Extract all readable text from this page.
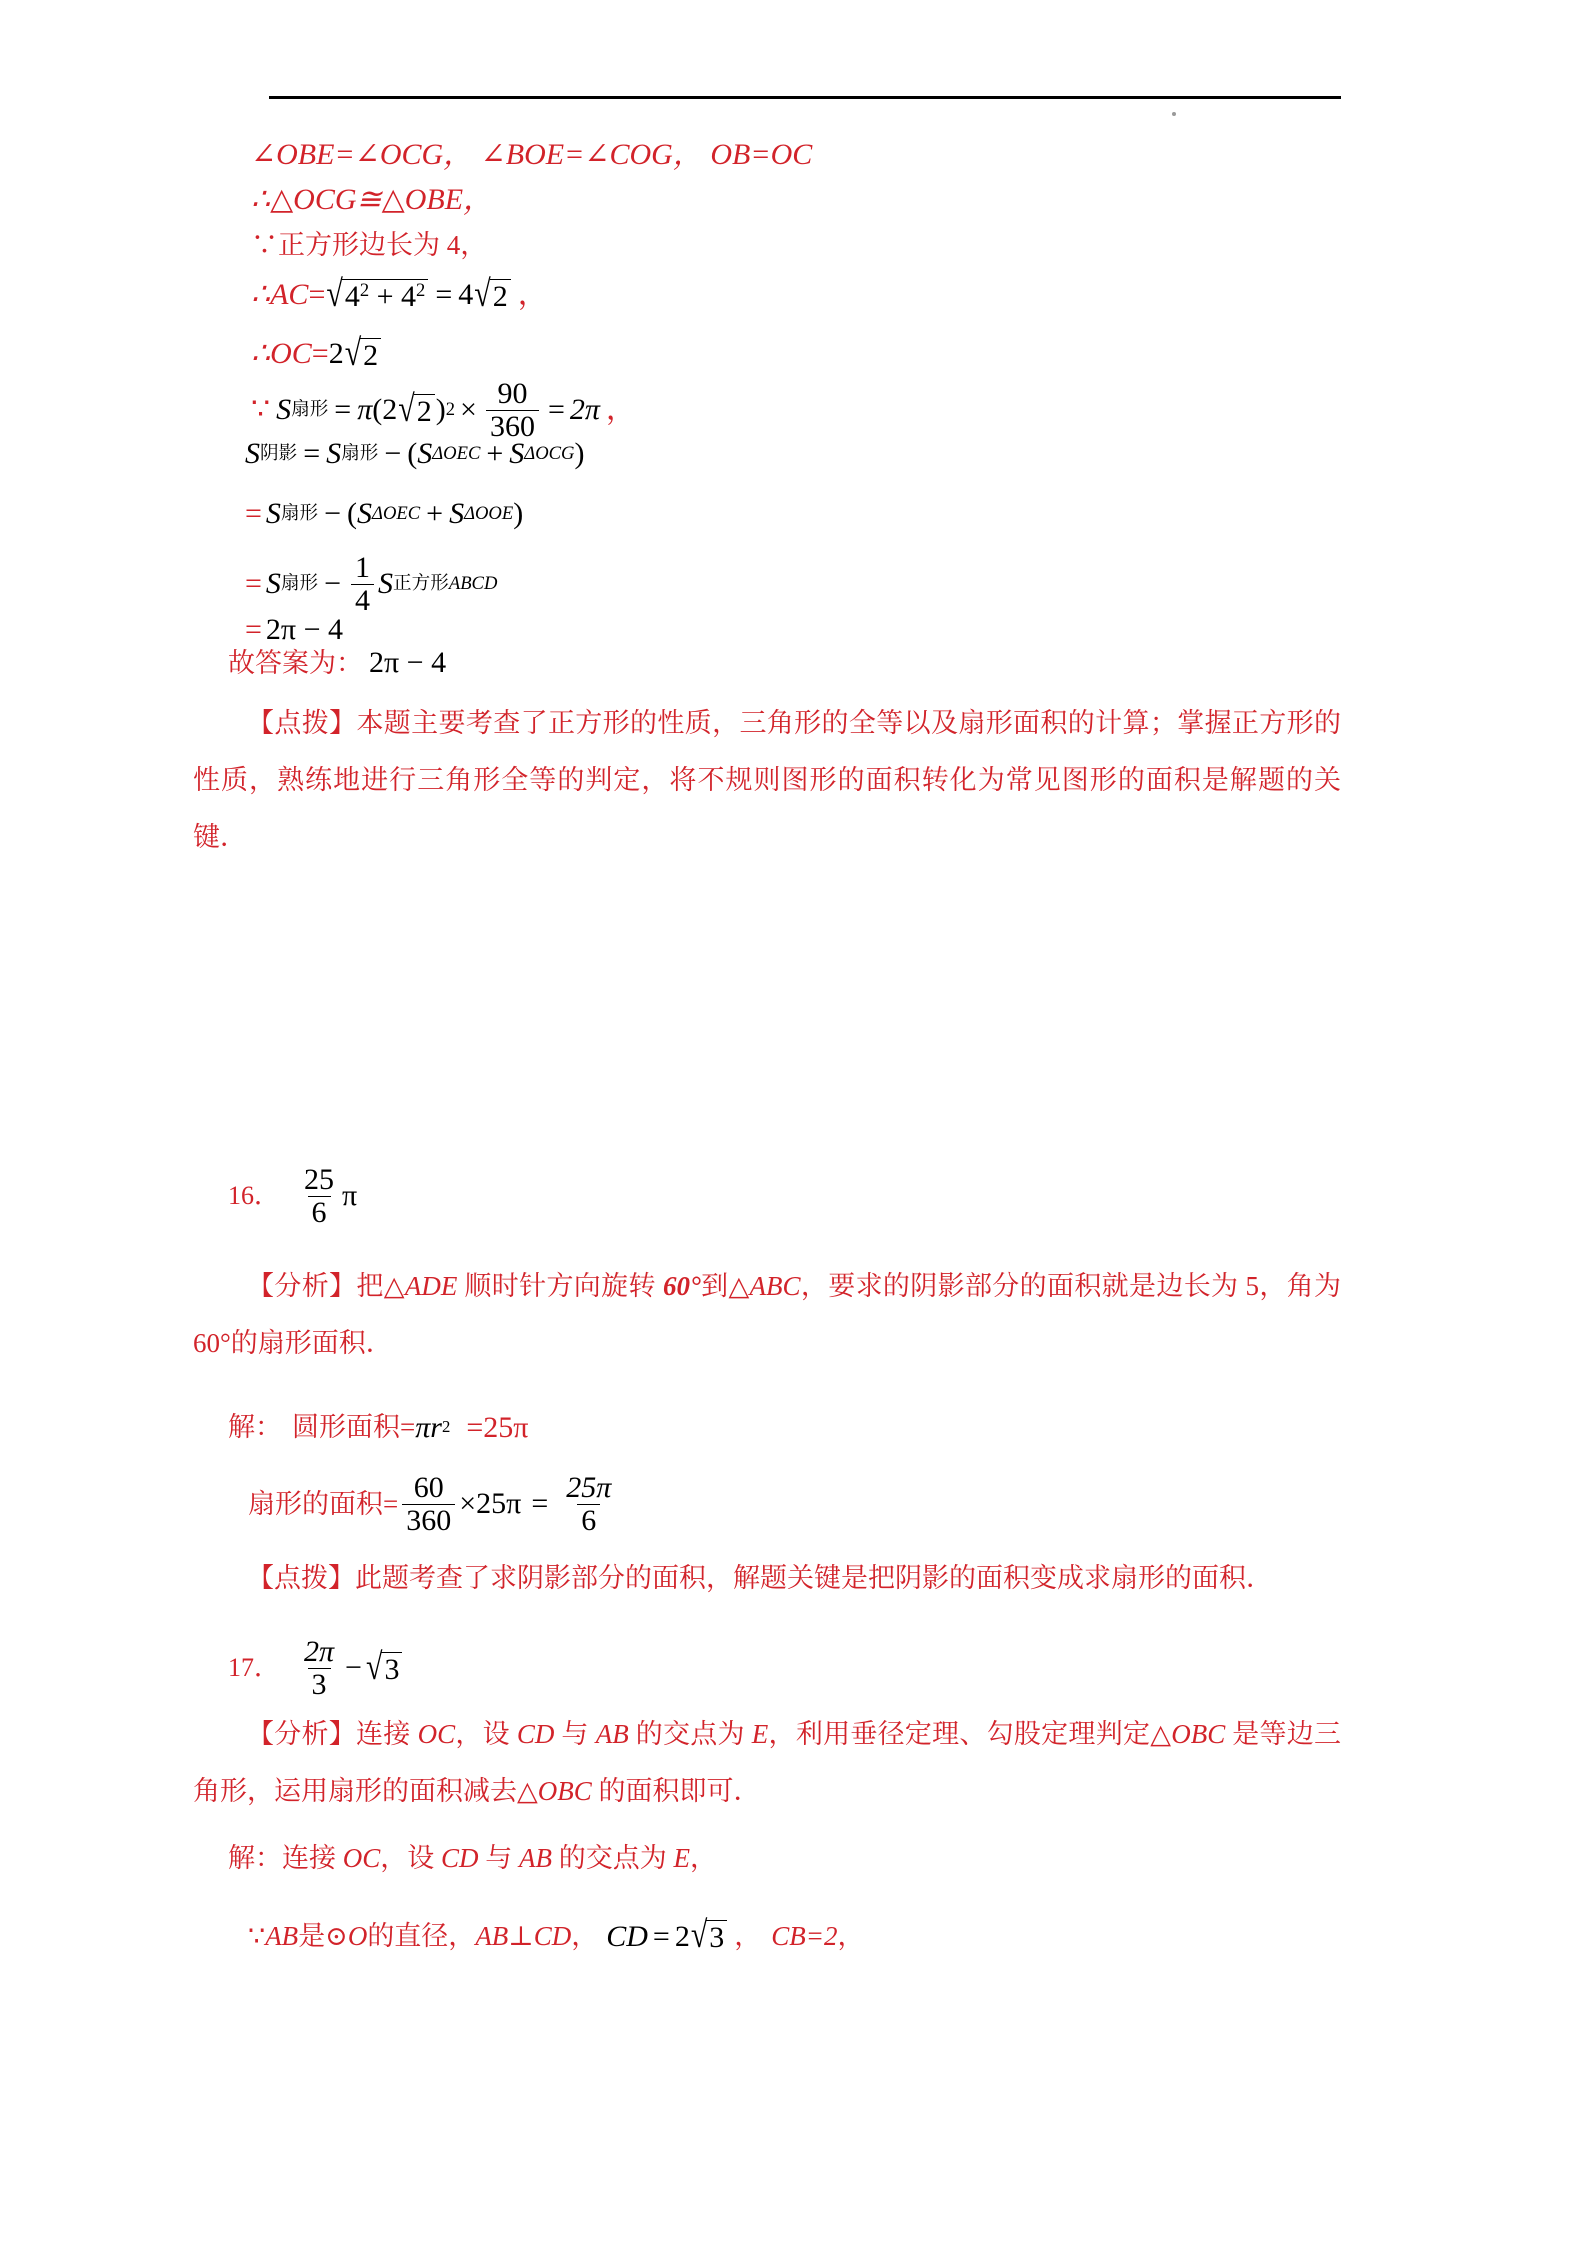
∠OBE=∠OCG， ∠BOE=∠COG， OB=OC
∴△OCG≅△OBE，
∵正方形边长为 4，
∴ AC = √ 42 + 42 = 4 √ 2 ，
∴ OC = 2 √ 2
∵ S 扇形 = π ( 2 √ 2 ) $2 \times \frac{90}{360} = 2\pi$ ，
S 阴影 = S 扇形 − ( S ΔOEC + S ΔOCG )
= S 扇形 − ( S ΔOEC + S ΔOOE )
= S 扇形 − $\frac{1}{4}$ S 正方形 ABCD
= 2π − 4
故答案为： 2π − 4
【点拨】本题主要考查了正方形的性质，三角形的全等以及扇形面积的计算；掌握正方形的性质，熟练地进行三角形全等的判定，将不规则图形的面积转化为常见图形的面积是解题的关键．
16． $\frac{25}{6}$ π
【分析】把△ADE 顺时针方向旋转 60°到△ABC，要求的阴影部分的面积就是边长为 5，角为 60°的扇形面积．
解： 圆形面积= πr 2 =25π
扇形的面积= $\frac{60}{360} \times 25\pi = \frac{25\pi}{6}$
【点拨】此题考查了求阴影部分的面积，解题关键是把阴影的面积变成求扇形的面积．
17． $\frac{2\pi}{3}$ − √ 3
【分析】连接 OC，设 CD 与 AB 的交点为 E，利用垂径定理、勾股定理判定△OBC 是等边三角形，运用扇形的面积减去△OBC 的面积即可．
解：连接 OC，设 CD 与 AB 的交点为 E，
∵ AB 是⊙ O 的直径， AB⊥CD ， CD = 2 √ 3 ， CB=2 ，
